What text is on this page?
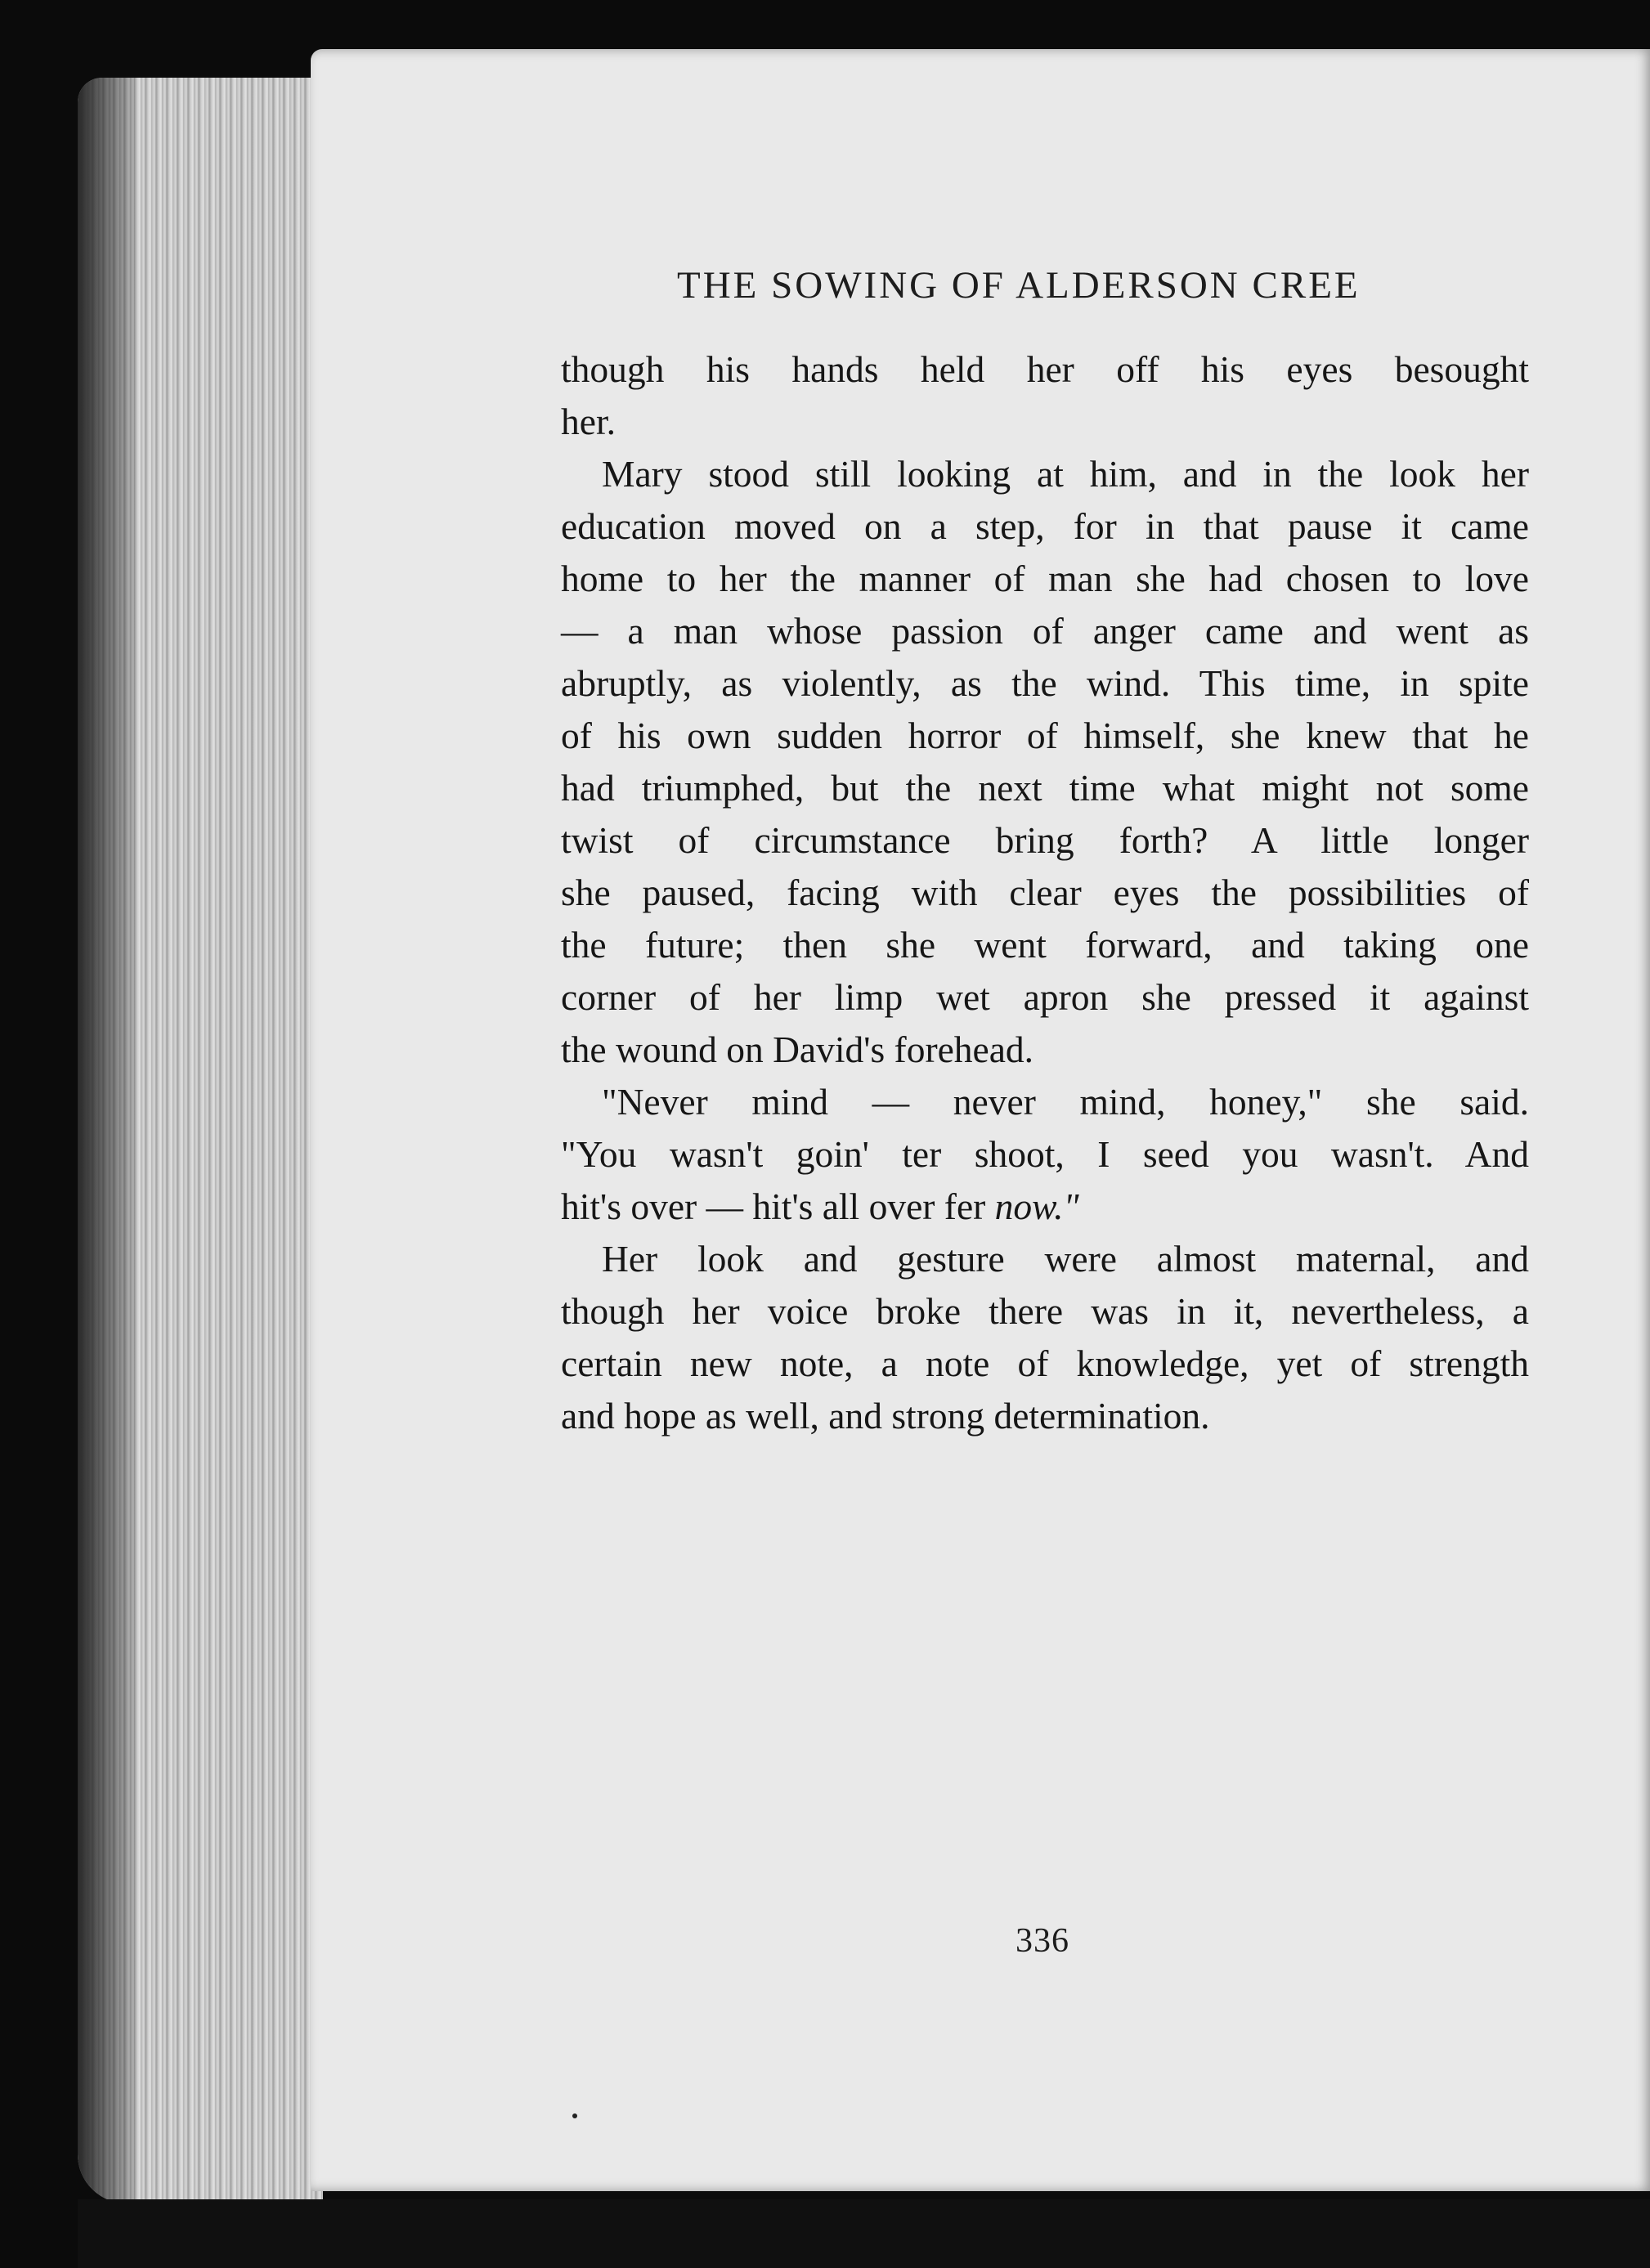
THE SOWING OF ALDERSON CREE
though his hands held her off his eyes besought
her.
Mary stood still looking at him, and in the look her
education moved on a step, for in that pause it came
home to her the manner of man she had chosen to love
— a man whose passion of anger came and went as
abruptly, as violently, as the wind. This time, in spite
of his own sudden horror of himself, she knew that he
had triumphed, but the next time what might not some
twist of circumstance bring forth? A little longer
she paused, facing with clear eyes the possibilities of
the future; then she went forward, and taking one
corner of her limp wet apron she pressed it against
the wound on David's forehead.
"Never mind — never mind, honey," she said.
"You wasn't goin' ter shoot, I seed you wasn't. And
hit's over — hit's all over fer now."
Her look and gesture were almost maternal, and
though her voice broke there was in it, nevertheless, a
certain new note, a note of knowledge, yet of strength
and hope as well, and strong determination.
336
